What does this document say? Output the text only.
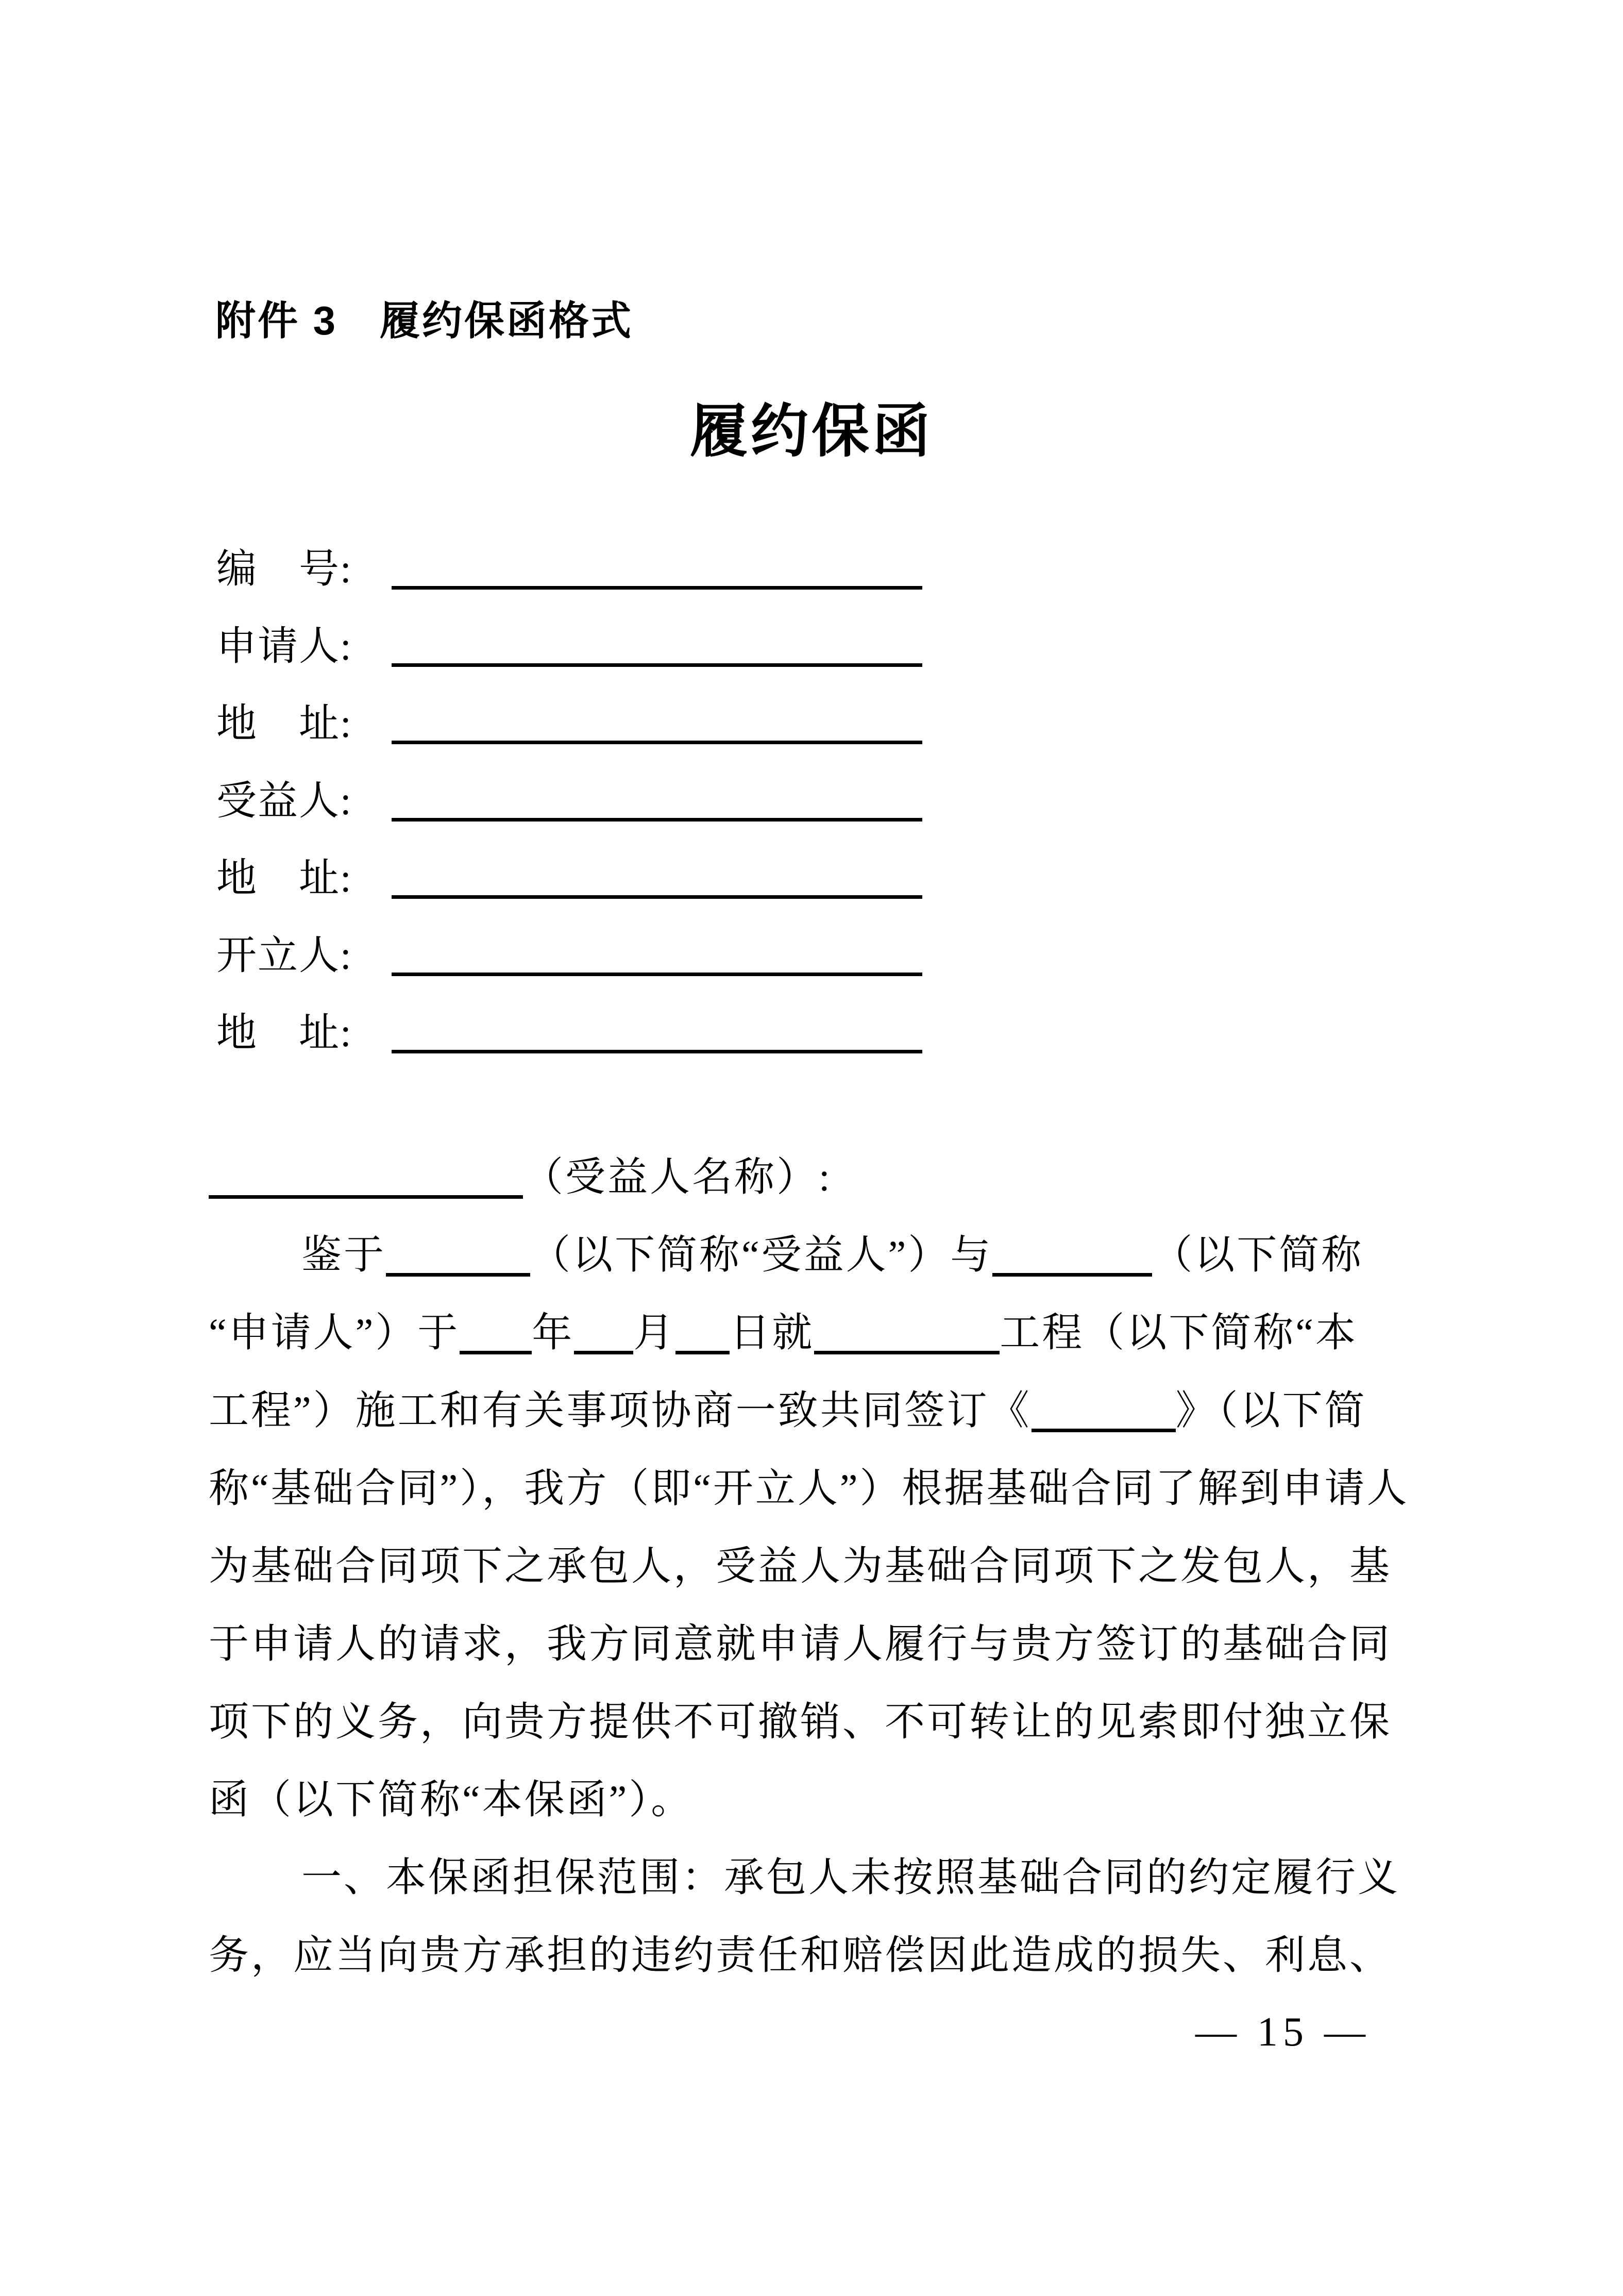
附件 3　履约保函格式
履约保函
编　号:
申请人:
地　址:
受益人:
地　址:
开立人:
地　址:
（受益人名称）:
鉴于	（以下简称“受益人”）与	（以下简称
“申请人”）于 年 月 日就	工程（以下简称“本
工程”）施工和有关事项协商一致共同签订《	》（以下简
称“基础合同”），我方（即“开立人”）根据基础合同了解到申请人
为基础合同项下之承包人，受益人为基础合同项下之发包人，基
于申请人的请求，我方同意就申请人履行与贵方签订的基础合同
项下的义务，向贵方提供不可撤销、不可转让的见索即付独立保
函（以下简称“本保函”）。
一、本保函担保范围：承包人未按照基础合同的约定履行义
务，应当向贵方承担的违约责任和赔偿因此造成的损失、利息、
— 15 —
